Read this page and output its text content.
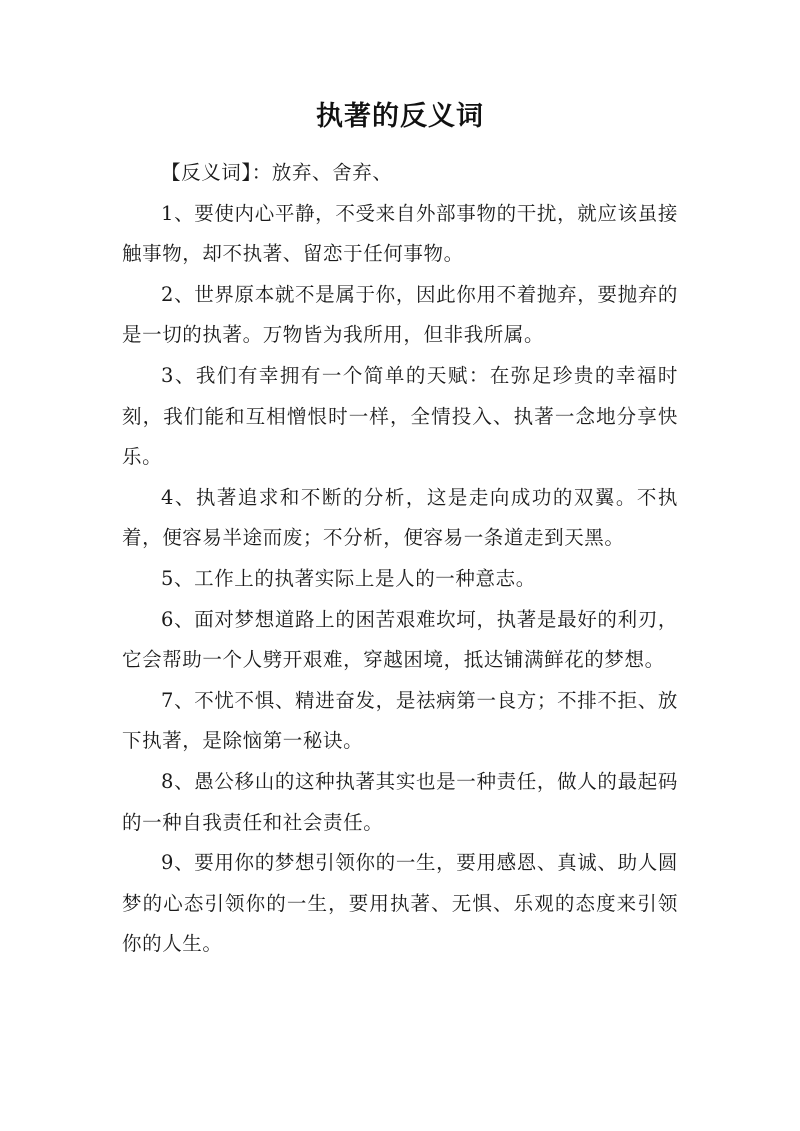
执著的反义词

【反义词】：放弃、舍弃、

1、要使内心平静，不受来自外部事物的干扰，就应该虽接触事物，却不执著、留恋于任何事物。

2、世界原本就不是属于你，因此你用不着抛弃，要抛弃的是一切的执著。万物皆为我所用，但非我所属。

3、我们有幸拥有一个简单的天赋：在弥足珍贵的幸福时刻，我们能和互相憎恨时一样，全情投入、执著一念地分享快乐。

4、执著追求和不断的分析，这是走向成功的双翼。不执着，便容易半途而废；不分析，便容易一条道走到天黑。

5、工作上的执著实际上是人的一种意志。

6、面对梦想道路上的困苦艰难坎坷，执著是最好的利刃，它会帮助一个人劈开艰难，穿越困境，抵达铺满鲜花的梦想。

7、不忧不惧、精进奋发，是祛病第一良方；不排不拒、放下执著，是除恼第一秘诀。

8、愚公移山的这种执著其实也是一种责任，做人的最起码的一种自我责任和社会责任。

9、要用你的梦想引领你的一生，要用感恩、真诚、助人圆梦的心态引领你的一生，要用执著、无惧、乐观的态度来引领你的人生。
